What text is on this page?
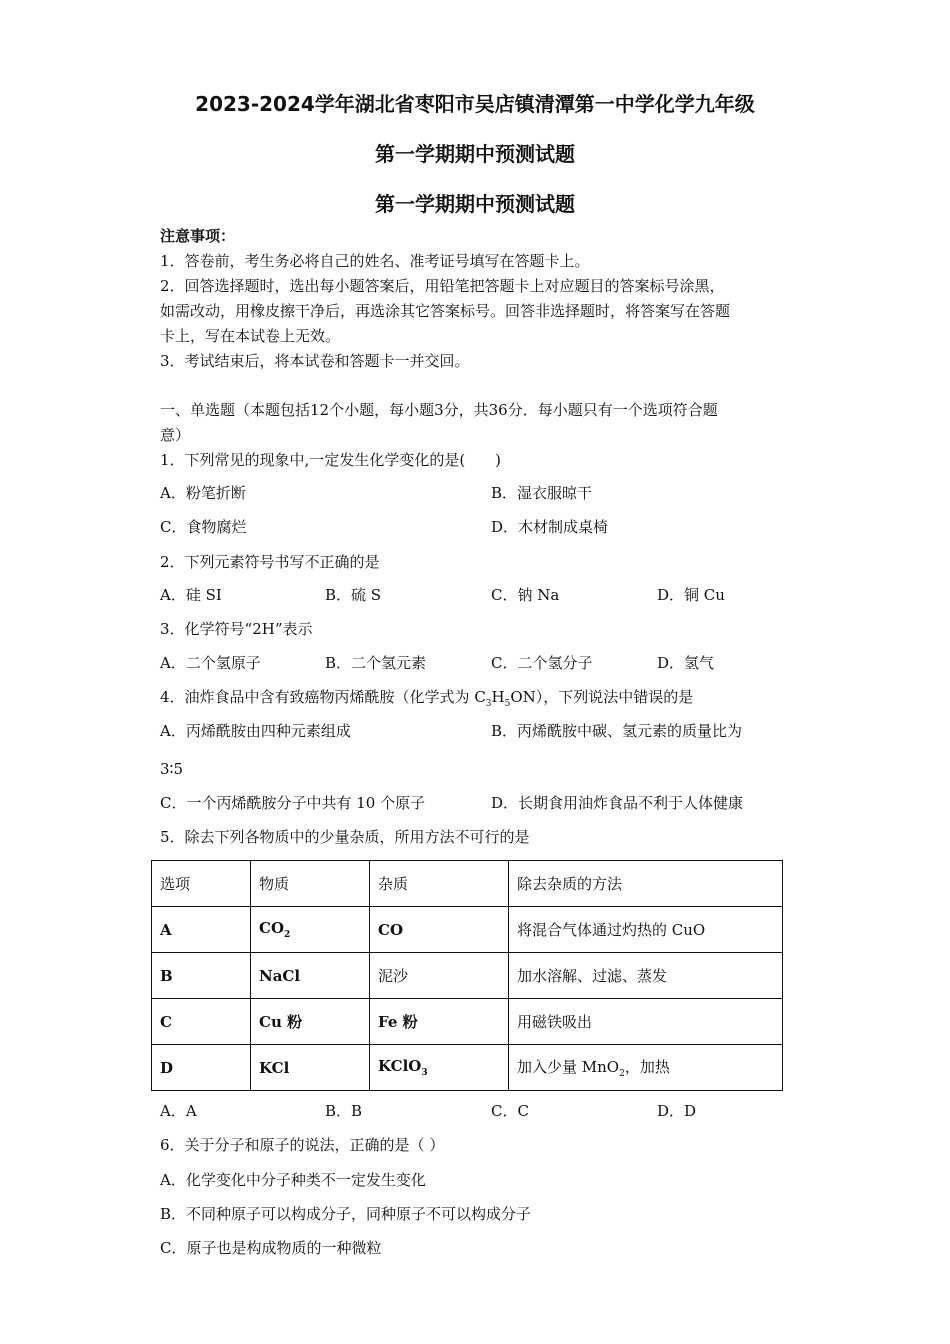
2023-2024学年湖北省枣阳市吴店镇清潭第一中学化学九年级
第一学期期中预测试题
第一学期期中预测试题
注意事项：
1．答卷前，考生务必将自己的姓名、准考证号填写在答题卡上。
2．回答选择题时，选出每小题答案后，用铅笔把答题卡上对应题目的答案标号涂黑，
如需改动，用橡皮擦干净后，再选涂其它答案标号。回答非选择题时，将答案写在答题
卡上，写在本试卷上无效。
3．考试结束后，将本试卷和答题卡一并交回。
一、单选题（本题包括12个小题，每小题3分，共36分．每小题只有一个选项符合题
意）
1．下列常见的现象中,一定发生化学变化的是(　　)
A．粉笔折断	B．湿衣服晾干
C．食物腐烂	D．木材制成桌椅
2．下列元素符号书写不正确的是
A．硅 SI	B．硫 S	C．钠 Na	D．铜 Cu
3．化学符号“2H”表示
A．二个氢原子	B．二个氢元素	C．二个氢分子	D．氢气
4．油炸食品中含有致癌物丙烯酰胺（化学式为 $C_3H_5ON$），下列说法中错误的是
A．丙烯酰胺由四种元素组成	B．丙烯酰胺中碳、氢元素的质量比为
3∶5
C．一个丙烯酰胺分子中共有 10 个原子	D．长期食用油炸食品不利于人体健康
5．除去下列各物质中的少量杂质，所用方法不可行的是
选项	物质	杂质	除去杂质的方法
A	$CO_2$	CO	将混合气体通过灼热的 CuO
B	NaCl	泥沙	加水溶解、过滤、蒸发
C	Cu 粉	Fe 粉	用磁铁吸出
D	KCl	KClO$_3$	加入少量 MnO$_2$，加热
A．A	B．B	C．C	D．D
6．关于分子和原子的说法，正确的是（ ）
A．化学变化中分子种类不一定发生变化
B．不同种原子可以构成分子，同种原子不可以构成分子
C．原子也是构成物质的一种微粒
